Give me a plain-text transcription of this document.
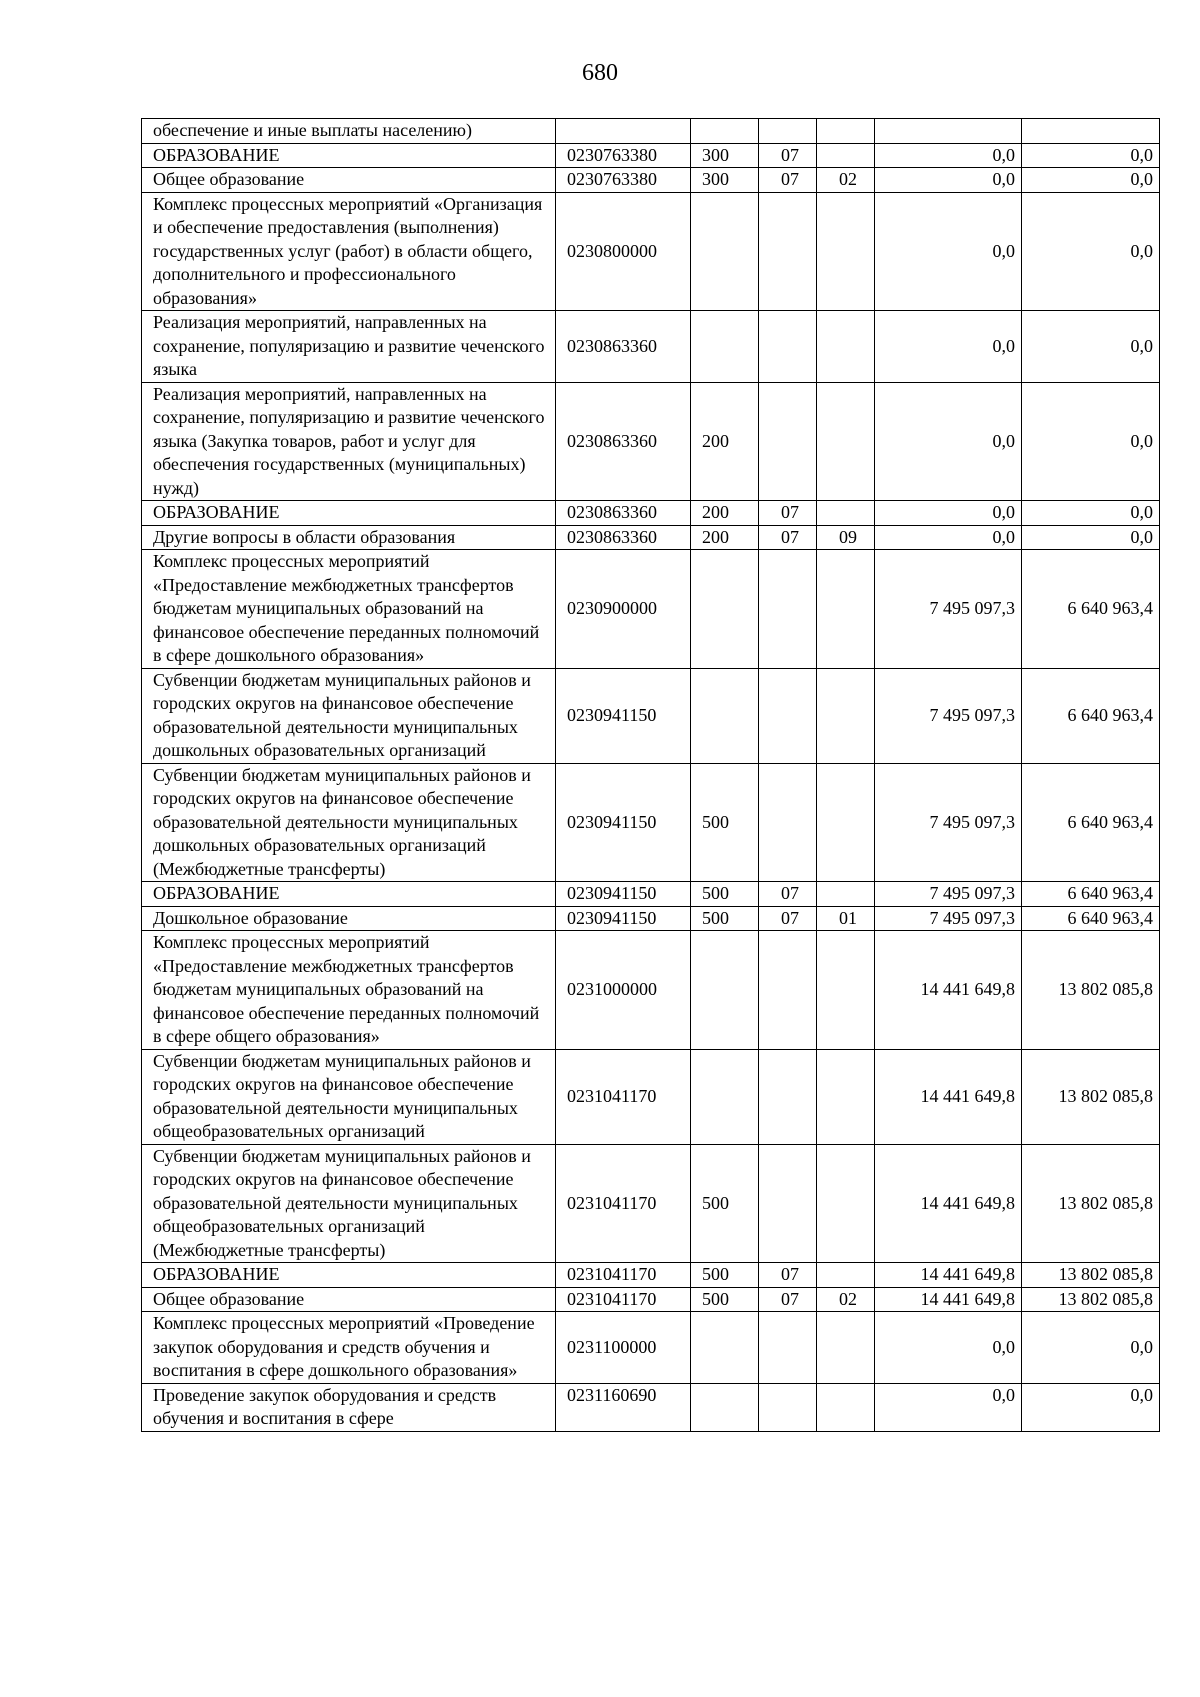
680
обеспечение и иные выплаты населению)						
ОБРАЗОВАНИЕ	0230763380	300	07		0,0	0,0
Общее образование	0230763380	300	07	02	0,0	0,0
Комплекс процессных мероприятий «Организация и обеспечение предоставления (выполнения) государственных услуг (работ) в области общего, дополнительного и профессионального образования»	0230800000				0,0	0,0
Реализация мероприятий, направленных на сохранение, популяризацию и развитие чеченского языка	0230863360				0,0	0,0
Реализация мероприятий, направленных на сохранение, популяризацию и развитие чеченского языка (Закупка товаров, работ и услуг для обеспечения государственных (муниципальных) нужд)	0230863360	200			0,0	0,0
ОБРАЗОВАНИЕ	0230863360	200	07		0,0	0,0
Другие вопросы в области образования	0230863360	200	07	09	0,0	0,0
Комплекс процессных мероприятий «Предоставление межбюджетных трансфертов бюджетам муниципальных образований на финансовое обеспечение переданных полномочий в сфере дошкольного образования»	0230900000				7 495 097,3	6 640 963,4
Субвенции бюджетам муниципальных районов и городских округов на финансовое обеспечение образовательной деятельности муниципальных дошкольных образовательных организаций	0230941150				7 495 097,3	6 640 963,4
Субвенции бюджетам муниципальных районов и городских округов на финансовое обеспечение образовательной деятельности муниципальных дошкольных образовательных организаций (Межбюджетные трансферты)	0230941150	500			7 495 097,3	6 640 963,4
ОБРАЗОВАНИЕ	0230941150	500	07		7 495 097,3	6 640 963,4
Дошкольное образование	0230941150	500	07	01	7 495 097,3	6 640 963,4
Комплекс процессных мероприятий «Предоставление межбюджетных трансфертов бюджетам муниципальных образований на финансовое обеспечение переданных полномочий в сфере общего образования»	0231000000				14 441 649,8	13 802 085,8
Субвенции бюджетам муниципальных районов и городских округов на финансовое обеспечение образовательной деятельности муниципальных общеобразовательных организаций	0231041170				14 441 649,8	13 802 085,8
Субвенции бюджетам муниципальных районов и городских округов на финансовое обеспечение образовательной деятельности муниципальных общеобразовательных организаций (Межбюджетные трансферты)	0231041170	500			14 441 649,8	13 802 085,8
ОБРАЗОВАНИЕ	0231041170	500	07		14 441 649,8	13 802 085,8
Общее образование	0231041170	500	07	02	14 441 649,8	13 802 085,8
Комплекс процессных мероприятий «Проведение закупок оборудования и средств обучения и воспитания в сфере дошкольного образования»	0231100000				0,0	0,0
Проведение закупок оборудования и средств обучения и воспитания в сфере	0231160690				0,0	0,0
